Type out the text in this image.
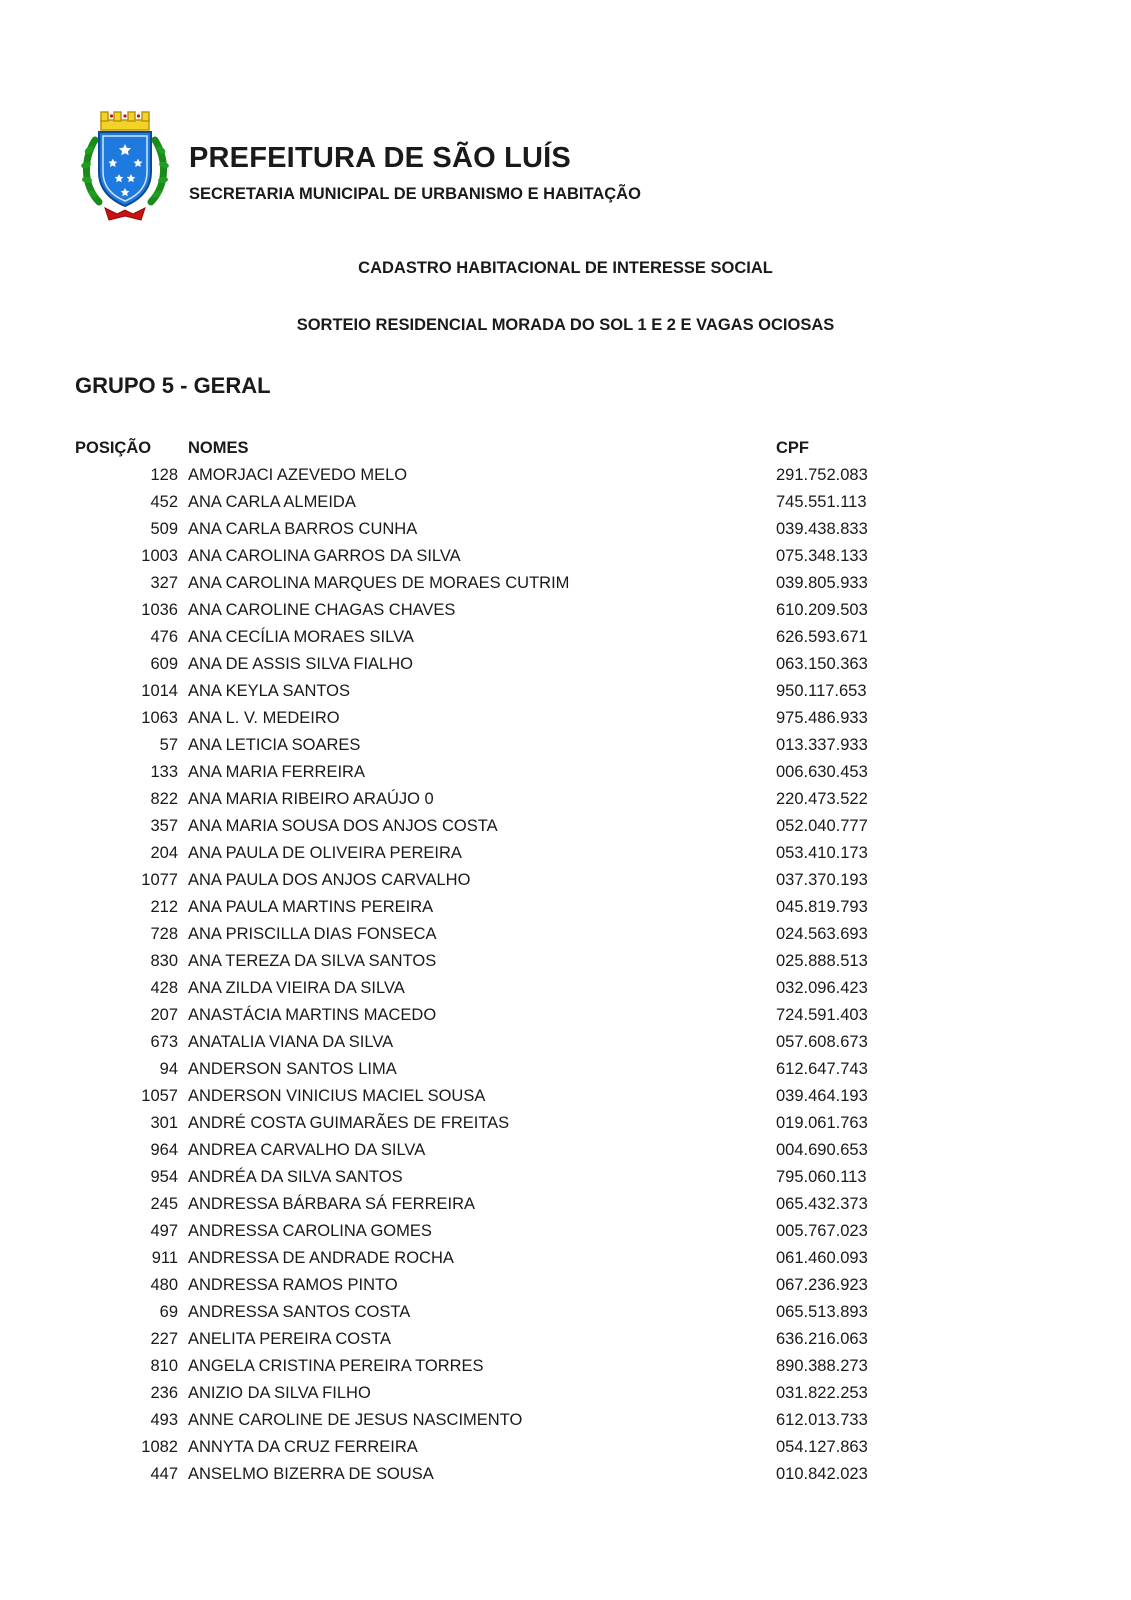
PREFEITURA DE SÃO LUÍS
SECRETARIA MUNICIPAL DE URBANISMO E HABITAÇÃO
CADASTRO HABITACIONAL DE INTERESSE SOCIAL
SORTEIO RESIDENCIAL MORADA DO SOL 1 E 2 E VAGAS OCIOSAS
GRUPO 5 - GERAL
POSIÇÃO		NOMES	CPF
128		AMORJACI AZEVEDO MELO	291.752.083
452		ANA CARLA ALMEIDA	745.551.113
509		ANA CARLA BARROS CUNHA	039.438.833
1003		ANA CAROLINA GARROS DA SILVA	075.348.133
327		ANA CAROLINA MARQUES DE MORAES CUTRIM	039.805.933
1036		ANA CAROLINE CHAGAS CHAVES	610.209.503
476		ANA CECÍLIA MORAES SILVA	626.593.671
609		ANA DE ASSIS SILVA FIALHO	063.150.363
1014		ANA KEYLA SANTOS	950.117.653
1063		ANA L. V. MEDEIRO	975.486.933
57		ANA LETICIA SOARES	013.337.933
133		ANA MARIA FERREIRA	006.630.453
822		ANA MARIA RIBEIRO ARAÚJO 0	220.473.522
357		ANA MARIA SOUSA DOS ANJOS COSTA	052.040.777
204		ANA PAULA DE OLIVEIRA PEREIRA	053.410.173
1077		ANA PAULA DOS ANJOS CARVALHO	037.370.193
212		ANA PAULA MARTINS PEREIRA	045.819.793
728		ANA PRISCILLA DIAS FONSECA	024.563.693
830		ANA TEREZA DA SILVA SANTOS	025.888.513
428		ANA ZILDA VIEIRA DA SILVA	032.096.423
207		ANASTÁCIA MARTINS MACEDO	724.591.403
673		ANATALIA VIANA DA SILVA	057.608.673
94		ANDERSON SANTOS LIMA	612.647.743
1057		ANDERSON VINICIUS MACIEL SOUSA	039.464.193
301		ANDRÉ COSTA GUIMARÃES DE FREITAS	019.061.763
964		ANDREA CARVALHO DA SILVA	004.690.653
954		ANDRÉA DA SILVA SANTOS	795.060.113
245		ANDRESSA BÁRBARA SÁ FERREIRA	065.432.373
497		ANDRESSA CAROLINA GOMES	005.767.023
911		ANDRESSA DE ANDRADE ROCHA	061.460.093
480		ANDRESSA RAMOS PINTO	067.236.923
69		ANDRESSA SANTOS COSTA	065.513.893
227		ANELITA PEREIRA COSTA	636.216.063
810		ANGELA CRISTINA PEREIRA TORRES	890.388.273
236		ANIZIO DA SILVA FILHO	031.822.253
493		ANNE CAROLINE DE JESUS NASCIMENTO	612.013.733
1082		ANNYTA DA CRUZ FERREIRA	054.127.863
447		ANSELMO BIZERRA DE SOUSA	010.842.023
